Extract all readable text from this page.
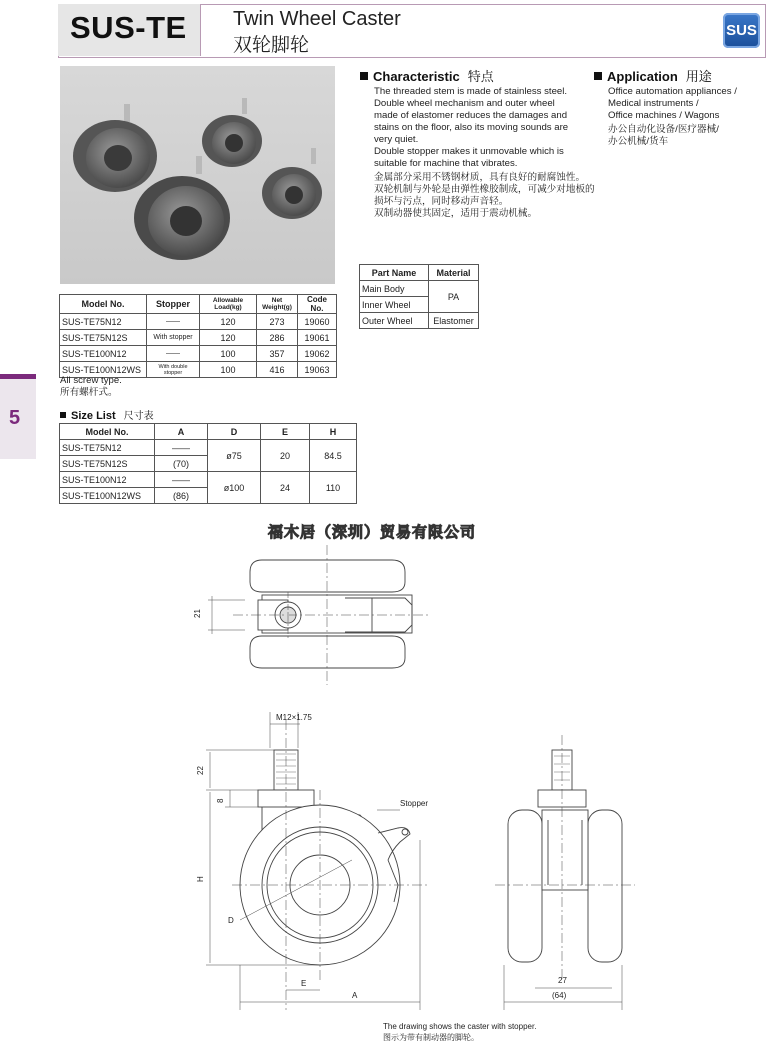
SUS-TE Twin Wheel Caster
双轮脚轮
SUS
Characteristic 特点
The threaded stem is made of stainless steel.
Double wheel mechanism and outer wheel
made of elastomer reduces the damages and
stains on the floor, also its moving sounds are
very quiet.
Double stopper makes it unmovable which is
suitable for machine that vibrates.
金属部分采用不锈钢材质，具有良好的耐腐蚀性。
双轮机制与外轮是由弹性橡胶制成，可减少对地板的
损坏与污点，同时移动声音轻。
双制动器使其固定，适用于震动机械。
Application 用途
Office automation appliances /
Medical instruments /
Office machines / Wagons
办公自动化设备/医疗器械/
办公机械/货车
Part Name	Material
Main Body	PA
Inner Wheel	
Outer Wheel	Elastomer
Model No.	Stopper	Allowable Load(kg)	Net Weight(g)	Code No.
SUS-TE75N12	——	120	273	19060
SUS-TE75N12S	With stopper	120	286	19061
SUS-TE100N12	——	100	357	19062
SUS-TE100N12WS	With double stopper	100	416	19063
All screw type.
所有螺杆式。
5	Size List 尺寸表
Model No.	A	D	E	H
SUS-TE75N12	——	ø75	20	84.5
SUS-TE75N12S	(70)			
SUS-TE100N12	——	ø100	24	110
SUS-TE100N12WS	(86)			
福木居（深圳）贸易有限公司
21
M12×1.75
22
8	Stopper
H
D
E
A
27
(64)
The drawing shows the caster with stopper.
图示为带有制动器的脚轮。
